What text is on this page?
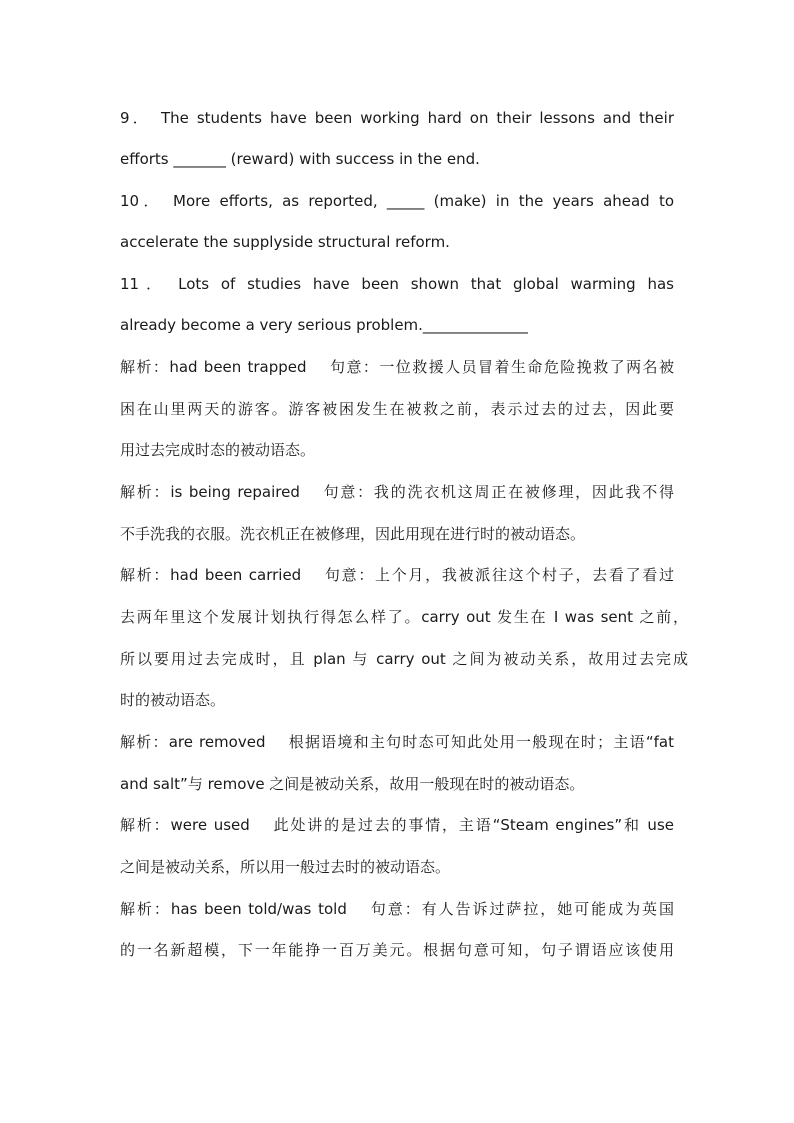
9． The students have been working hard on their lessons and their
efforts _______ (reward) with success in the end.
10． More efforts, as reported, _____ (make) in the years ahead to
accelerate the supplyside structural reform.
11． Lots of studies have been shown that global warming has
already become a very serious problem.______________
解析：had been trapped 句意：一位救援人员冒着生命危险挽救了两名被
困在山里两天的游客。游客被困发生在被救之前，表示过去的过去，因此要
用过去完成时态的被动语态。
解析：is being repaired 句意：我的洗衣机这周正在被修理，因此我不得
不手洗我的衣服。洗衣机正在被修理，因此用现在进行时的被动语态。
解析：had been carried 句意：上个月，我被派往这个村子，去看了看过
去两年里这个发展计划执行得怎么样了。carry out 发生在 I was sent 之前，
所以要用过去完成时，且 plan 与 carry out 之间为被动关系，故用过去完成
时的被动语态。
解析：are removed 根据语境和主句时态可知此处用一般现在时；主语“fat
and salt”与 remove 之间是被动关系，故用一般现在时的被动语态。
解析：were used 此处讲的是过去的事情，主语“Steam engines”和 use
之间是被动关系，所以用一般过去时的被动语态。
解析：has been told/was told 句意：有人告诉过萨拉，她可能成为英国
的一名新超模，下一年能挣一百万美元。根据句意可知，句子谓语应该使用
